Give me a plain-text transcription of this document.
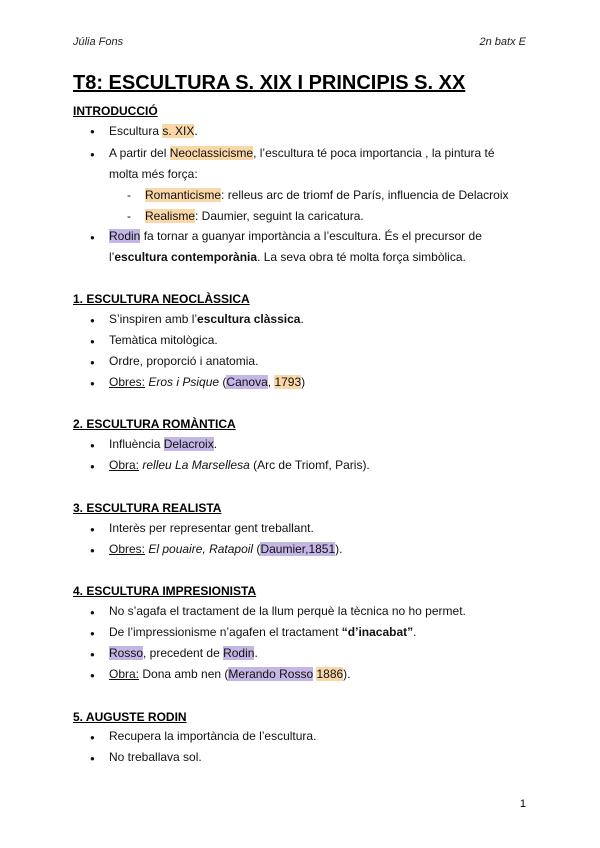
Júlia Fons	2n batx E
T8: ESCULTURA S. XIX I PRINCIPIS S. XX
INTRODUCCIÓ
●
Escultura s. XIX.
●
A partir del Neoclassicisme, l’escultura té poca importancia , la pintura té
molta més força:
-
Romanticisme: relleus arc de triomf de París, influencia de Delacroix
-
Realisme: Daumier, seguint la caricatura.
●
Rodin fa tornar a guanyar importància a l’escultura. És el precursor de
l’escultura contemporània. La seva obra té molta força simbòlica.
1. ESCULTURA NEOCLÀSSICA
●
S’inspiren amb l’escultura clàssica.
●
Temàtica mitològica.
●
Ordre, proporció i anatomia.
●
Obres: Eros i Psique (Canova, 1793)
2. ESCULTURA ROMÀNTICA
●
Influència Delacroix.
●
Obra: relleu La Marsellesa (Arc de Triomf, Paris).
3. ESCULTURA REALISTA
●
Interès per representar gent treballant.
●
Obres: El pouaire, Ratapoil (Daumier,1851).
4. ESCULTURA IMPRESIONISTA
●
No s’agafa el tractament de la llum perquè la tècnica no ho permet.
●
De l’impressionisme n’agafen el tractament “d’inacabat”.
●
Rosso, precedent de Rodin.
●
Obra: Dona amb nen (Merando Rosso 1886).
5. AUGUSTE RODIN
●
Recupera la importància de l’escultura.
●
No treballava sol.
1
